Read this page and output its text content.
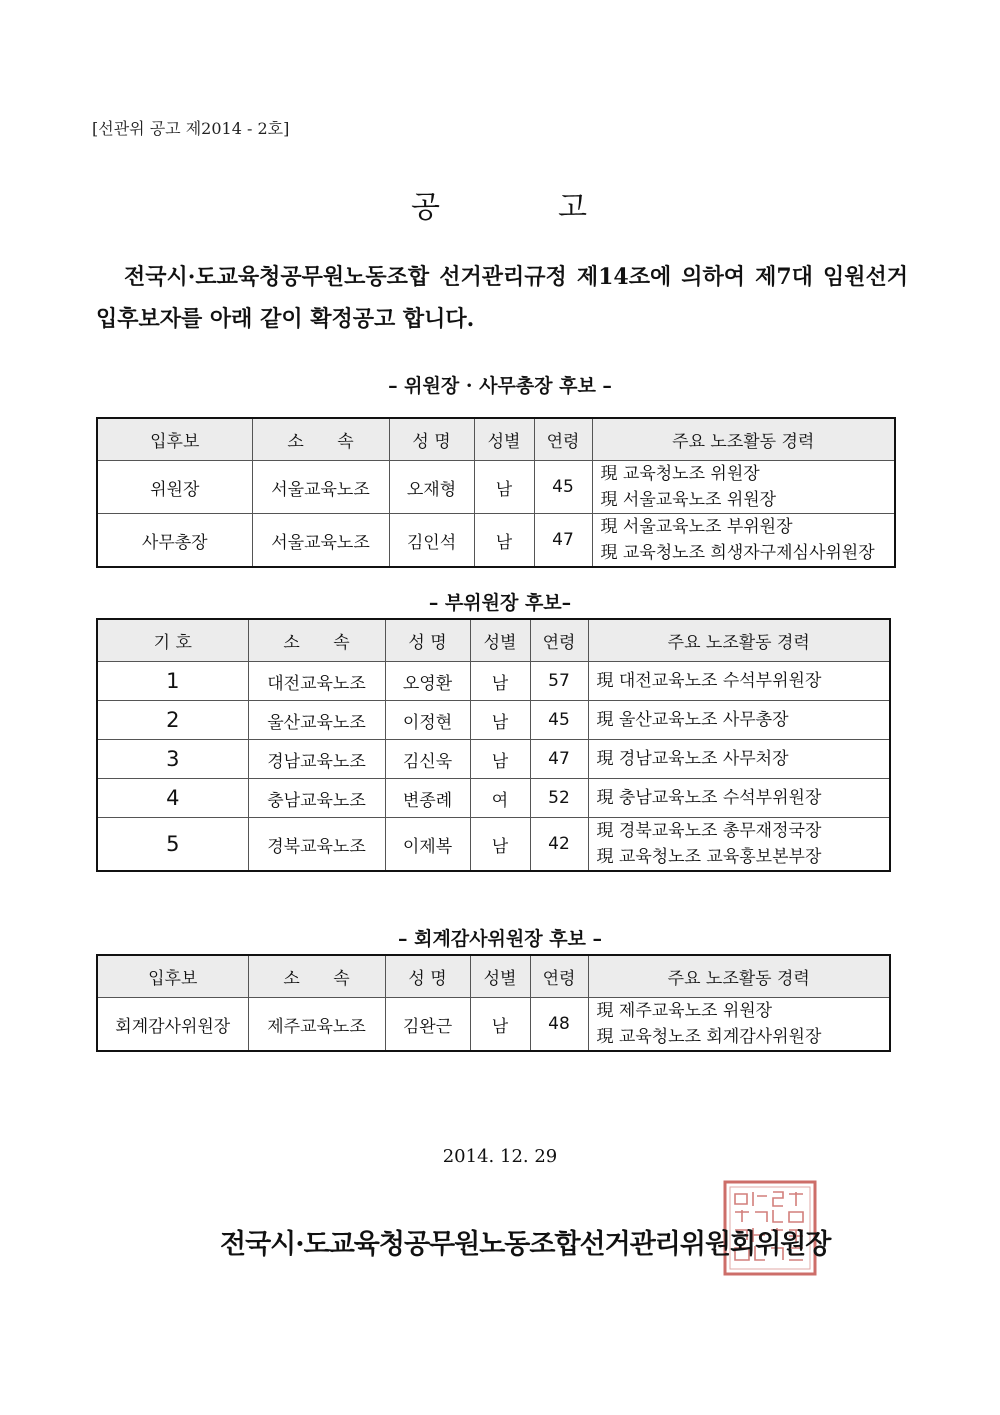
[선관위 공고 제2014 - 2호]
공	고

전국시·도교육청공무원노동조합 선거관리규정 제14조에 의하여 제7대 임원선거

입후보자를 아래 같이 확정공고 합니다.

– 위원장 · 사무총장 후보 –
입후보	소 속	성 명	성별	연령	주요 노조활동 경력
위원장	서울교육노조	오재형	남	45	現 교육청노조 위원장
現 서울교육노조 위원장

사무총장	서울교육노조	김인석	남	47	現 서울교육노조 부위원장
現 교육청노조 희생자구제심사위원장
– 부위원장 후보–
기 호	소 속	성 명	성별	연령	주요 노조활동 경력
1	대전교육노조	오영환	남	57	現 대전교육노조 수석부위원장
2	울산교육노조	이정현	남	45	現 울산교육노조 사무총장
3	경남교육노조	김신욱	남	47	現 경남교육노조 사무처장
4	충남교육노조	변종례	여	52	現 충남교육노조 수석부위원장
5	경북교육노조	이제복	남	42	現 경북교육노조 총무재정국장
現 교육청노조 교육홍보본부장
– 회계감사위원장 후보 –
입후보	소 속	성 명	성별	연령	주요 노조활동 경력
회계감사위원장	제주교육노조	김완근	남	48	現 제주교육노조 위원장
現 교육청노조 회계감사위원장
2014. 12. 29
전국시·도교육청공무원노동조합선거관리위원회위원장
